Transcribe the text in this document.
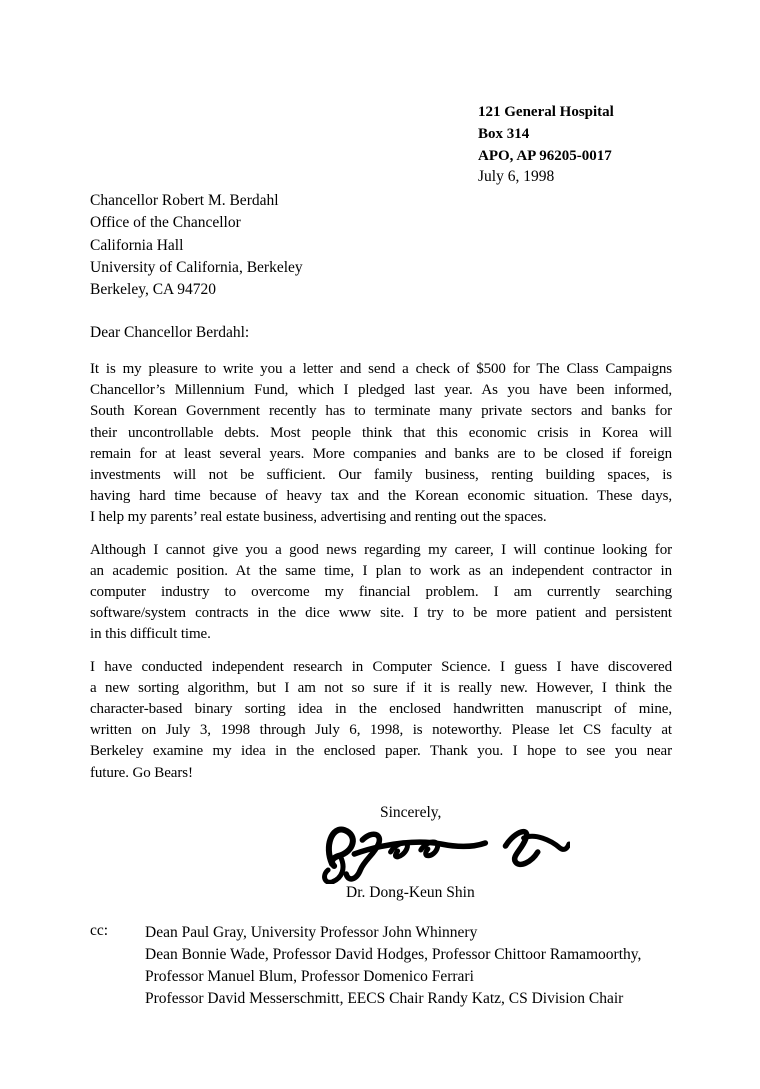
121 General Hospital
Box 314
APO, AP 96205-0017
July 6, 1998
Chancellor Robert M. Berdahl
Office of the Chancellor
California Hall
University of California, Berkeley
Berkeley, CA 94720
Dear Chancellor Berdahl:
It is my pleasure to write you a letter and send a check of $500 for The Class Campaigns
Chancellor’s Millennium Fund, which I pledged last year. As you have been informed,
South Korean Government recently has to terminate many private sectors and banks for
their uncontrollable debts. Most people think that this economic crisis in Korea will
remain for at least several years. More companies and banks are to be closed if foreign
investments will not be sufficient. Our family business, renting building spaces, is
having hard time because of heavy tax and the Korean economic situation. These days,
I help my parents’ real estate business, advertising and renting out the spaces.
Although I cannot give you a good news regarding my career, I will continue looking for
an academic position. At the same time, I plan to work as an independent contractor in
computer industry to overcome my financial problem. I am currently searching
software/system contracts in the dice www site. I try to be more patient and persistent
in this difficult time.
I have conducted independent research in Computer Science. I guess I have discovered
a new sorting algorithm, but I am not so sure if it is really new. However, I think the
character-based binary sorting idea in the enclosed handwritten manuscript of mine,
written on July 3, 1998 through July 6, 1998, is noteworthy. Please let CS faculty at
Berkeley examine my idea in the enclosed paper. Thank you. I hope to see you near
future. Go Bears!
Sincerely,
Dr. Dong-Keun Shin
cc:	Dean Paul Gray, University Professor John Whinnery
Dean Bonnie Wade, Professor David Hodges, Professor Chittoor Ramamoorthy,
Professor Manuel Blum, Professor Domenico Ferrari
Professor David Messerschmitt, EECS Chair Randy Katz, CS Division Chair
